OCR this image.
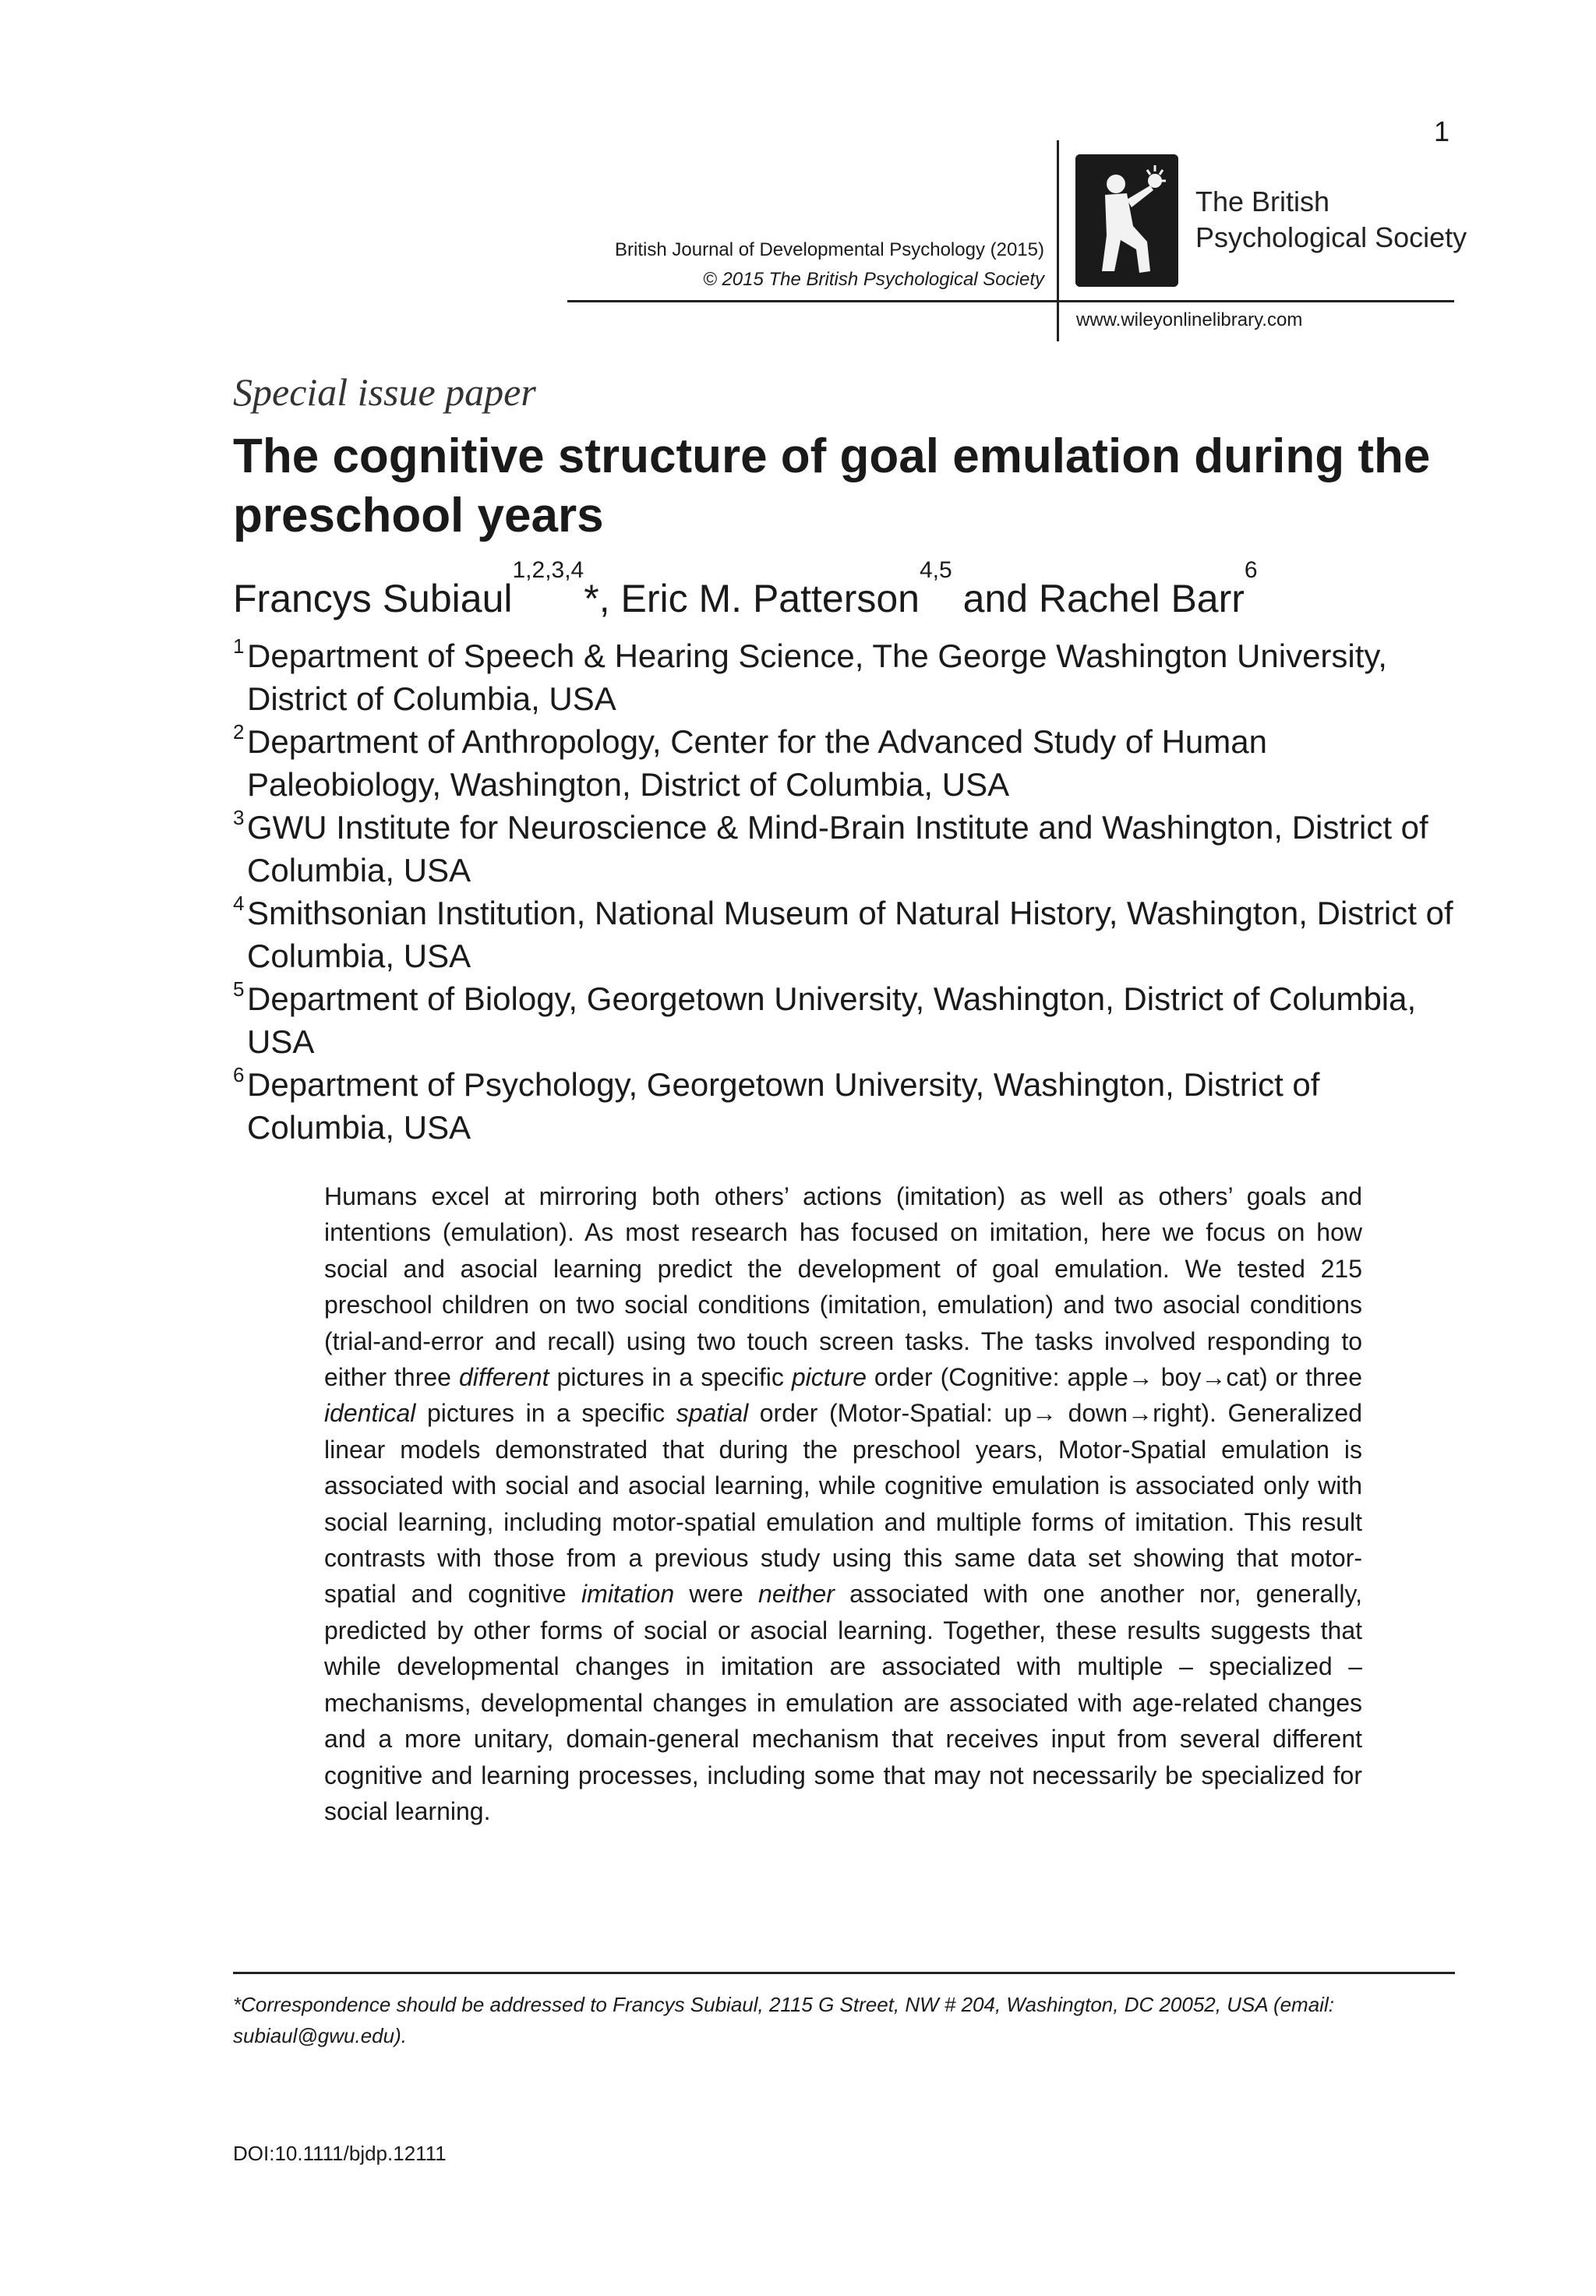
1
British Journal of Developmental Psychology (2015)
© 2015 The British Psychological Society
The British
Psychological Society
www.wileyonlinelibrary.com
Special issue paper
The cognitive structure of goal emulation during the preschool years
Francys Subiaul$^{1,2,3,4}$*, Eric M. Patterson$^{4,5}$ and Rachel Barr$^6$
1 Department of Speech & Hearing Science, The George Washington University, District of Columbia, USA
2 Department of Anthropology, Center for the Advanced Study of Human Paleobiology, Washington, District of Columbia, USA
3 GWU Institute for Neuroscience & Mind-Brain Institute and Washington, District of Columbia, USA
4 Smithsonian Institution, National Museum of Natural History, Washington, District of Columbia, USA
5 Department of Biology, Georgetown University, Washington, District of Columbia, USA
6 Department of Psychology, Georgetown University, Washington, District of Columbia, USA
Humans excel at mirroring both others’ actions (imitation) as well as others’ goals and intentions (emulation). As most research has focused on imitation, here we focus on how social and asocial learning predict the development of goal emulation. We tested 215 preschool children on two social conditions (imitation, emulation) and two asocial conditions (trial-and-error and recall) using two touch screen tasks. The tasks involved responding to either three different pictures in a specific picture order (Cognitive: apple→ boy→cat) or three identical pictures in a specific spatial order (Motor-Spatial: up→ down→right). Generalized linear models demonstrated that during the preschool years, Motor-Spatial emulation is associated with social and asocial learning, while cognitive emulation is associated only with social learning, including motor-spatial emulation and multiple forms of imitation. This result contrasts with those from a previous study using this same data set showing that motor-spatial and cognitive imitation were neither associated with one another nor, generally, predicted by other forms of social or asocial learning. Together, these results suggests that while developmental changes in imitation are associated with multiple – specialized – mechanisms, developmental changes in emulation are associated with age-related changes and a more unitary, domain-general mechanism that receives input from several different cognitive and learning processes, including some that may not necessarily be specialized for social learning.
*Correspondence should be addressed to Francys Subiaul, 2115 G Street, NW # 204, Washington, DC 20052, USA (email: subiaul@gwu.edu).
DOI:10.1111/bjdp.12111
